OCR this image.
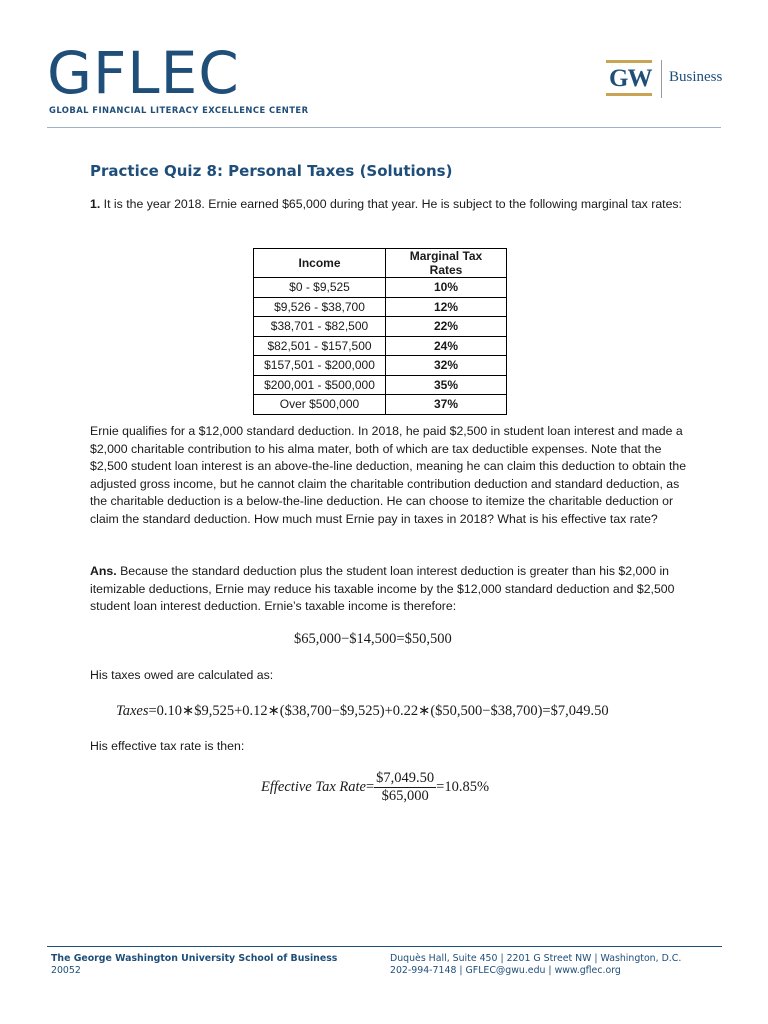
GFLEC
GLOBAL FINANCIAL LITERACY EXCELLENCE CENTER
GW Business
Practice Quiz 8: Personal Taxes (Solutions)
1. It is the year 2018. Ernie earned $65,000 during that year. He is subject to the following marginal tax rates:
Income	Marginal Tax Rates
$0 - $9,525	10%
$9,526 - $38,700	12%
$38,701 - $82,500	22%
$82,501 - $157,500	24%
$157,501 - $200,000	32%
$200,001 - $500,000	35%
Over $500,000	37%
Ernie qualifies for a $12,000 standard deduction. In 2018, he paid $2,500 in student loan interest and made a $2,000 charitable contribution to his alma mater, both of which are tax deductible expenses. Note that the $2,500 student loan interest is an above-the-line deduction, meaning he can claim this deduction to obtain the adjusted gross income, but he cannot claim the charitable contribution deduction and standard deduction, as the charitable deduction is a below-the-line deduction. He can choose to itemize the charitable deduction or claim the standard deduction. How much must Ernie pay in taxes in 2018? What is his effective tax rate?
Ans. Because the standard deduction plus the student loan interest deduction is greater than his $2,000 in itemizable deductions, Ernie may reduce his taxable income by the $12,000 standard deduction and $2,500 student loan interest deduction. Ernie’s taxable income is therefore:
$65,000−$14,500=$50,500
His taxes owed are calculated as:
Taxes=0.10∗$9,525+0.12∗($38,700−$9,525)+0.22∗($50,500−$38,700)=$7,049.50
His effective tax rate is then:
Effective Tax Rate= $\frac{\$7,049.50}{\$65,000} =10.85\%$
The George Washington University School of Business
20052
Duquès Hall, Suite 450 | 2201 G Street NW | Washington, D.C.
202-994-7148 | GFLEC@gwu.edu | www.gflec.org
